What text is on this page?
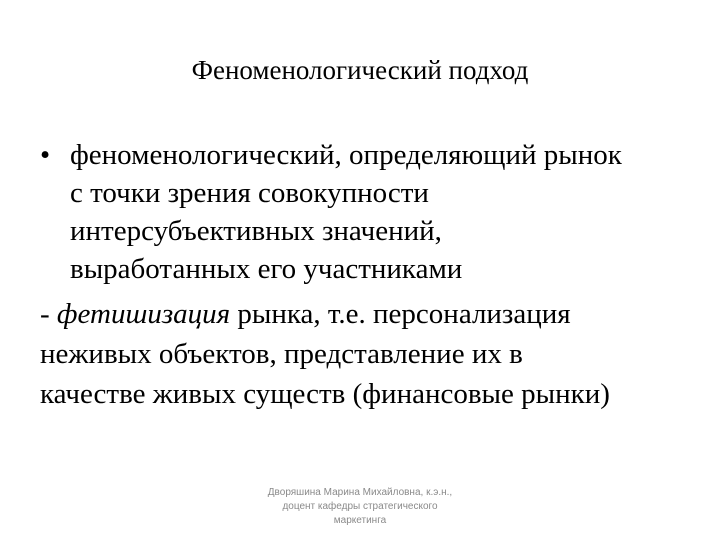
Феноменологический подход
• феноменологический, определяющий рынок
с точки зрения совокупности
интерсубъективных значений,
выработанных его участниками
- фетишизация рынка, т.е. персонализация
неживых объектов, представление их в
качестве живых существ (финансовые рынки)
Дворяшина Марина Михайловна, к.э.н.,
доцент кафедры стратегического
маркетинга
